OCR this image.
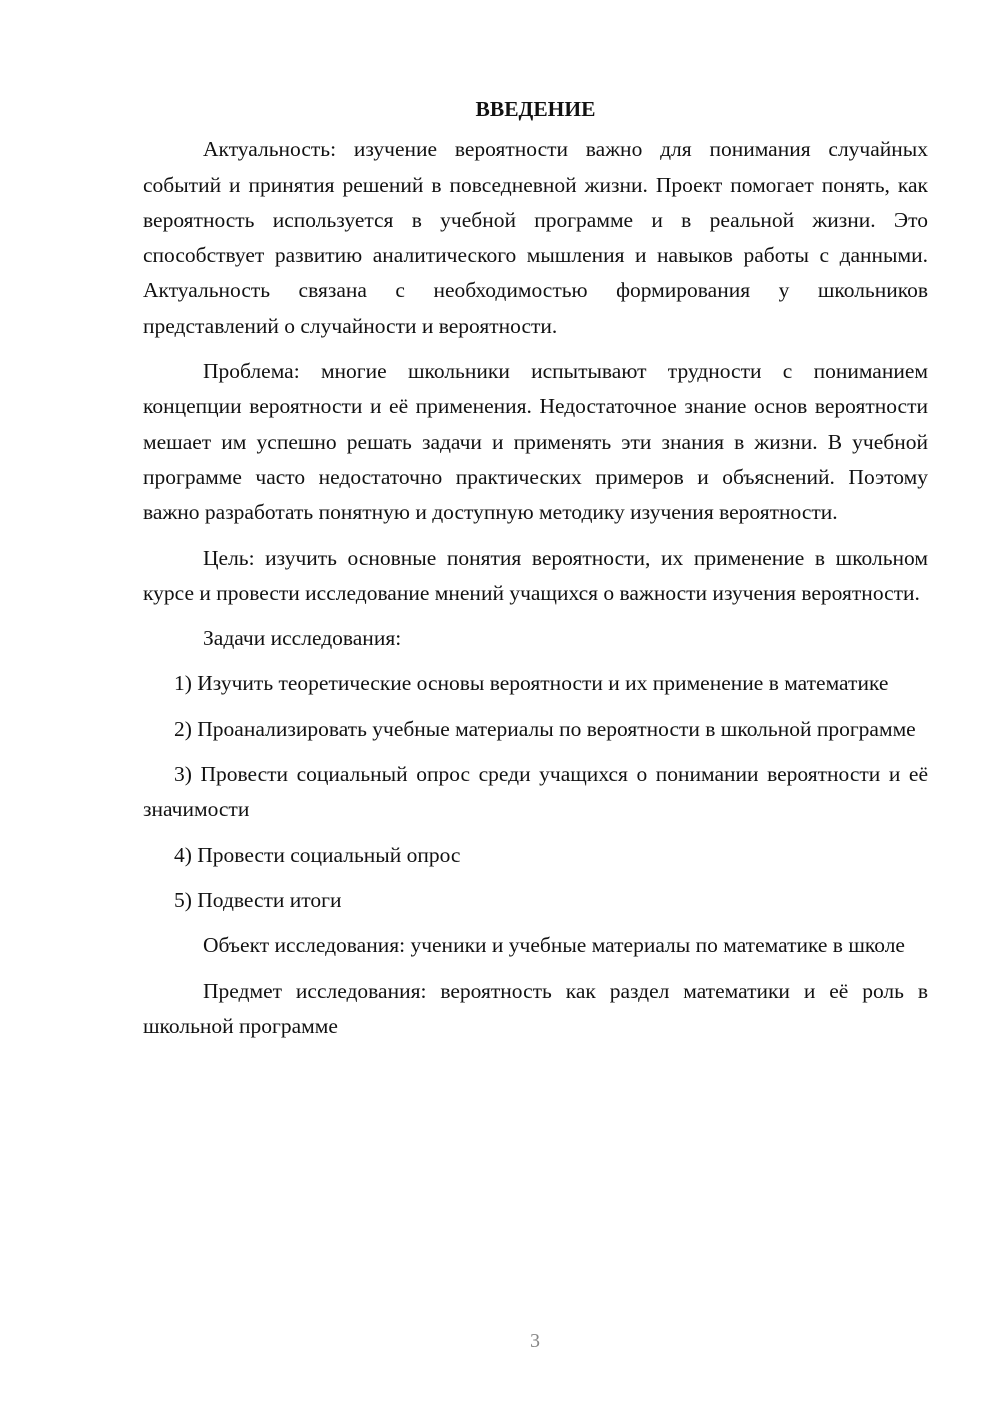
ВВЕДЕНИЕ

Актуальность: изучение вероятности важно для понимания случайных событий и принятия решений в повседневной жизни. Проект помогает понять, как вероятность используется в учебной программе и в реальной жизни. Это способствует развитию аналитического мышления и навыков работы с данными. Актуальность связана с необходимостью формирования у школьников представлений о случайности и вероятности.

Проблема: многие школьники испытывают трудности с пониманием концепции вероятности и её применения. Недостаточное знание основ вероятности мешает им успешно решать задачи и применять эти знания в жизни. В учебной программе часто недостаточно практических примеров и объяснений. Поэтому важно разработать понятную и доступную методику изучения вероятности.

Цель: изучить основные понятия вероятности, их применение в школьном курсе и провести исследование мнений учащихся о важности изучения вероятности.

Задачи исследования:

1) Изучить теоретические основы вероятности и их применение в математике

2) Проанализировать учебные материалы по вероятности в школьной программе

3) Провести социальный опрос среди учащихся о понимании вероятности и её значимости

4) Провести социальный опрос

5) Подвести итоги

Объект исследования: ученики и учебные материалы по математике в школе

Предмет исследования: вероятность как раздел математики и её роль в школьной программе

3
